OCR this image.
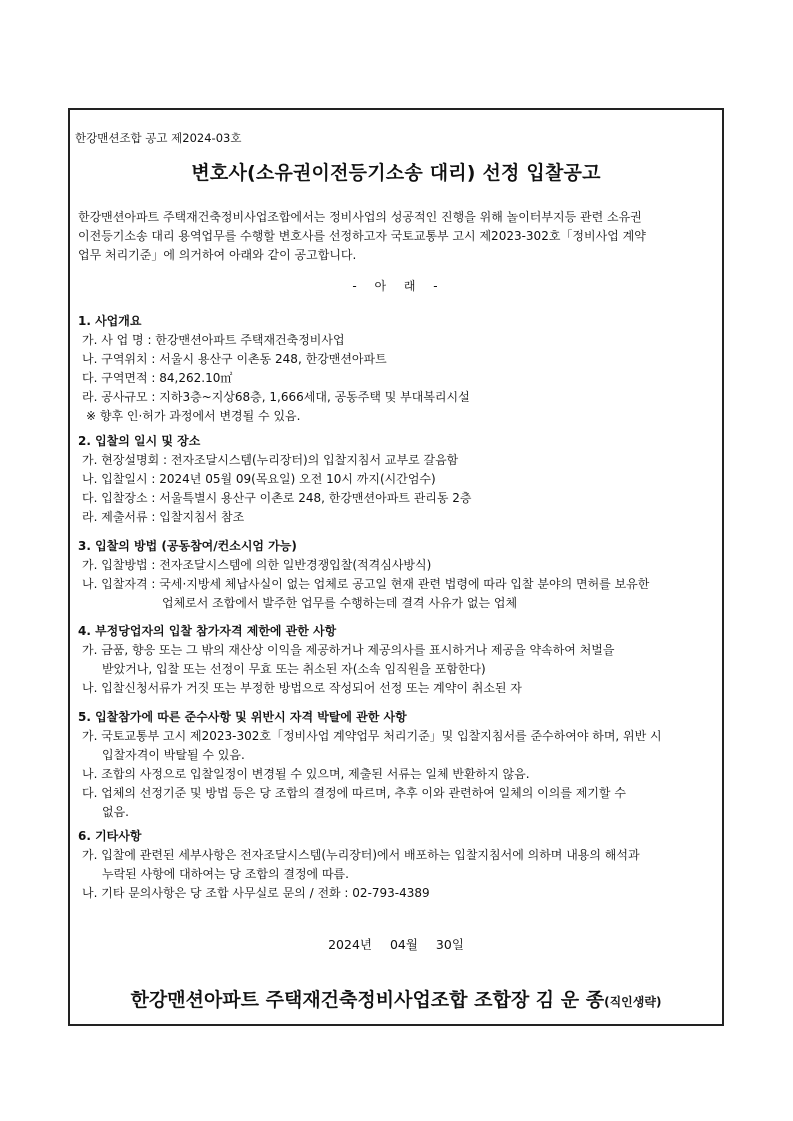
한강맨션조합 공고 제2024-03호
변호사(소유권이전등기소송 대리) 선정 입찰공고
한강맨션아파트 주택재건축정비사업조합에서는 정비사업의 성공적인 진행을 위해 놀이터부지등 관련 소유권
이전등기소송 대리 용역업무를 수행할 변호사를 선정하고자 국토교통부 고시 제2023-302호「정비사업 계약
업무 처리기준」에 의거하여 아래와 같이 공고합니다.
- 아 래 -
1. 사업개요
가. 사 업 명 : 한강맨션아파트 주택재건축정비사업
나. 구역위치 : 서울시 용산구 이촌동 248, 한강맨션아파트
다. 구역면적 : 84,262.10㎡
라. 공사규모 : 지하3층~지상68층, 1,666세대, 공동주택 및 부대복리시설
※ 향후 인·허가 과정에서 변경될 수 있음.
2. 입찰의 일시 및 장소
가. 현장설명회 : 전자조달시스템(누리장터)의 입찰지침서 교부로 갈음함
나. 입찰일시 : 2024년 05월 09(목요일) 오전 10시 까지(시간엄수)
다. 입찰장소 : 서울특별시 용산구 이촌로 248, 한강맨션아파트 관리동 2층
라. 제출서류 : 입찰지침서 참조
3. 입찰의 방법 (공동참여/컨소시엄 가능)
가. 입찰방법 : 전자조달시스템에 의한 일반경쟁입찰(적격심사방식)
나. 입찰자격 : 국세·지방세 체납사실이 없는 업체로 공고일 현재 관련 법령에 따라 입찰 분야의 면허를 보유한
업체로서 조합에서 발주한 업무를 수행하는데 결격 사유가 없는 업체
4. 부정당업자의 입찰 참가자격 제한에 관한 사항
가. 금품, 향응 또는 그 밖의 재산상 이익을 제공하거나 제공의사를 표시하거나 제공을 약속하여 처벌을
받았거나, 입찰 또는 선정이 무효 또는 취소된 자(소속 임직원을 포함한다)
나. 입찰신청서류가 거짓 또는 부정한 방법으로 작성되어 선정 또는 계약이 취소된 자
5. 입찰참가에 따른 준수사항 및 위반시 자격 박탈에 관한 사항
가. 국토교통부 고시 제2023-302호「정비사업 계약업무 처리기준」및 입찰지침서를 준수하여야 하며, 위반 시
입찰자격이 박탈될 수 있음.
나. 조합의 사정으로 입찰일정이 변경될 수 있으며, 제출된 서류는 일체 반환하지 않음.
다. 업체의 선정기준 및 방법 등은 당 조합의 결정에 따르며, 추후 이와 관련하여 일체의 이의를 제기할 수
없음.
6. 기타사항
가. 입찰에 관련된 세부사항은 전자조달시스템(누리장터)에서 배포하는 입찰지침서에 의하며 내용의 해석과
누락된 사항에 대하여는 당 조합의 결정에 따름.
나. 기타 문의사항은 당 조합 사무실로 문의 / 전화 : 02-793-4389
2024년 04월 30일
한강맨션아파트 주택재건축정비사업조합 조합장 김 운 종(직인생략)
